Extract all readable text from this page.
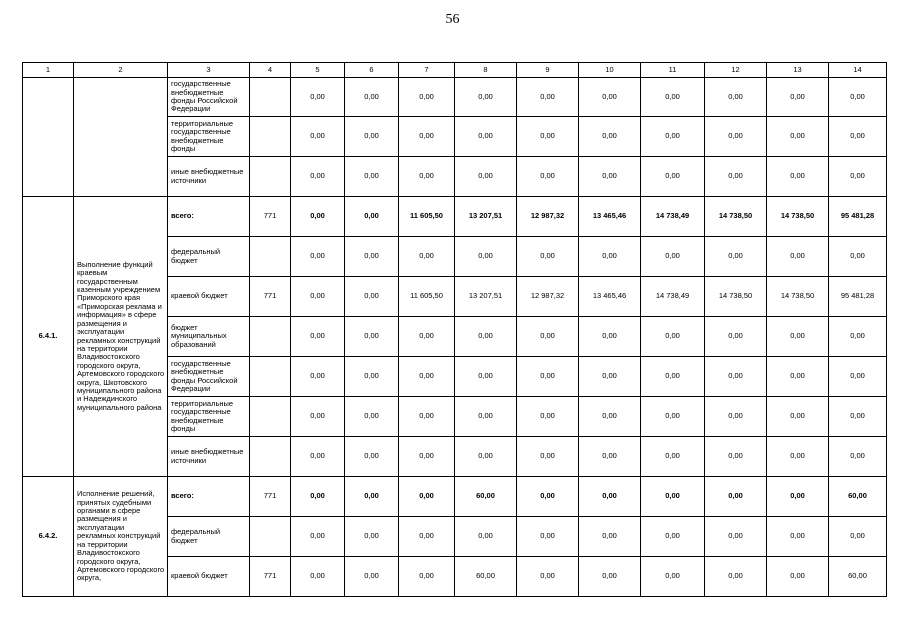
56
1	2	3	4	5	6	7	8	9	10	11	12	13	14
		государственные внебюджетные фонды Российской Федерации		0,00	0,00	0,00	0,00	0,00	0,00	0,00	0,00	0,00	0,00
		территориальные государственные внебюджетные фонды		0,00	0,00	0,00	0,00	0,00	0,00	0,00	0,00	0,00	0,00
		иные внебюджетные источники		0,00	0,00	0,00	0,00	0,00	0,00	0,00	0,00	0,00	0,00
6.4.1.	Выполнение функций краевым государственным казенным учреждением Приморского края «Приморская реклама и информация» в сфере размещения и эксплуатации рекламных конструкций на территории Владивостокского городского округа, Артемовского городского округа, Шкотовского муниципального района и Надеждинского муниципального района	всего:	771	0,00	0,00	11 605,50	13 207,51	12 987,32	13 465,46	14 738,49	14 738,50	14 738,50	95 481,28
		федеральный бюджет		0,00	0,00	0,00	0,00	0,00	0,00	0,00	0,00	0,00	0,00
		краевой бюджет	771	0,00	0,00	11 605,50	13 207,51	12 987,32	13 465,46	14 738,49	14 738,50	14 738,50	95 481,28
		бюджет муниципальных образований		0,00	0,00	0,00	0,00	0,00	0,00	0,00	0,00	0,00	0,00
		государственные внебюджетные фонды Российской Федерации		0,00	0,00	0,00	0,00	0,00	0,00	0,00	0,00	0,00	0,00
		территориальные государственные внебюджетные фонды		0,00	0,00	0,00	0,00	0,00	0,00	0,00	0,00	0,00	0,00
		иные внебюджетные источники		0,00	0,00	0,00	0,00	0,00	0,00	0,00	0,00	0,00	0,00
6.4.2.	Исполнение решений, принятых судебными органами в сфере размещения и эксплуатации рекламных конструкций на территории Владивостокского городского округа, Артемовского городского округа,	всего:	771	0,00	0,00	0,00	60,00	0,00	0,00	0,00	0,00	0,00	60,00
		федеральный бюджет		0,00	0,00	0,00	0,00	0,00	0,00	0,00	0,00	0,00	0,00
		краевой бюджет	771	0,00	0,00	0,00	60,00	0,00	0,00	0,00	0,00	0,00	60,00
